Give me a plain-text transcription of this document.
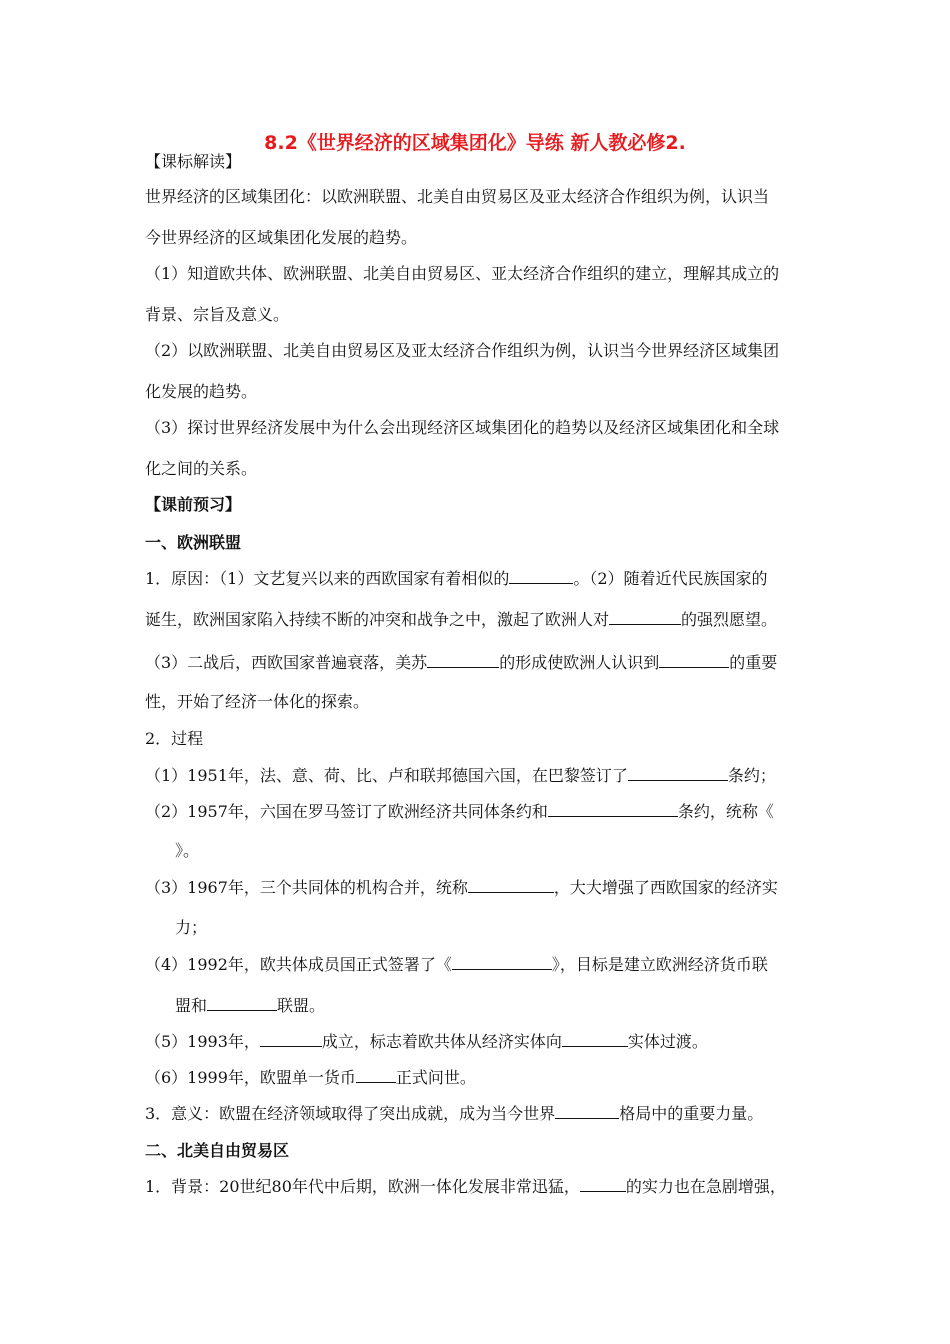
8.2《世界经济的区域集团化》导练 新人教必修2.
【课标解读】
世界经济的区域集团化：以欧洲联盟、北美自由贸易区及亚太经济合作组织为例，认识当
今世界经济的区域集团化发展的趋势。
（1）知道欧共体、欧洲联盟、北美自由贸易区、亚太经济合作组织的建立，理解其成立的
背景、宗旨及意义。
（2）以欧洲联盟、北美自由贸易区及亚太经济合作组织为例，认识当今世界经济区域集团
化发展的趋势。
（3）探讨世界经济发展中为什么会出现经济区域集团化的趋势以及经济区域集团化和全球
化之间的关系。
【课前预习】
一、欧洲联盟
1．原因：（1）文艺复兴以来的西欧国家有着相似的	。（2）随着近代民族国家的
诞生，欧洲国家陷入持续不断的冲突和战争之中，激起了欧洲人对	的强烈愿望。
（3）二战后，西欧国家普遍衰落，美苏	的形成使欧洲人认识到	的重要
性，开始了经济一体化的探索。
2．过程
（1）1951年，法、意、荷、比、卢和联邦德国六国，在巴黎签订了	条约；
（2）1957年，六国在罗马签订了欧洲经济共同体条约和	条约，统称《
》。
（3）1967年，三个共同体的机构合并，统称	，大大增强了西欧国家的经济实
力；
（4）1992年，欧共体成员国正式签署了《	》，目标是建立欧洲经济货币联
盟和	联盟。
（5）1993年，	成立，标志着欧共体从经济实体向	实体过渡。
（6）1999年，欧盟单一货币	正式问世。
3．意义：欧盟在经济领域取得了突出成就，成为当今世界	格局中的重要力量。
二、北美自由贸易区
1．背景：20世纪80年代中后期，欧洲一体化发展非常迅猛，	的实力也在急剧增强，
